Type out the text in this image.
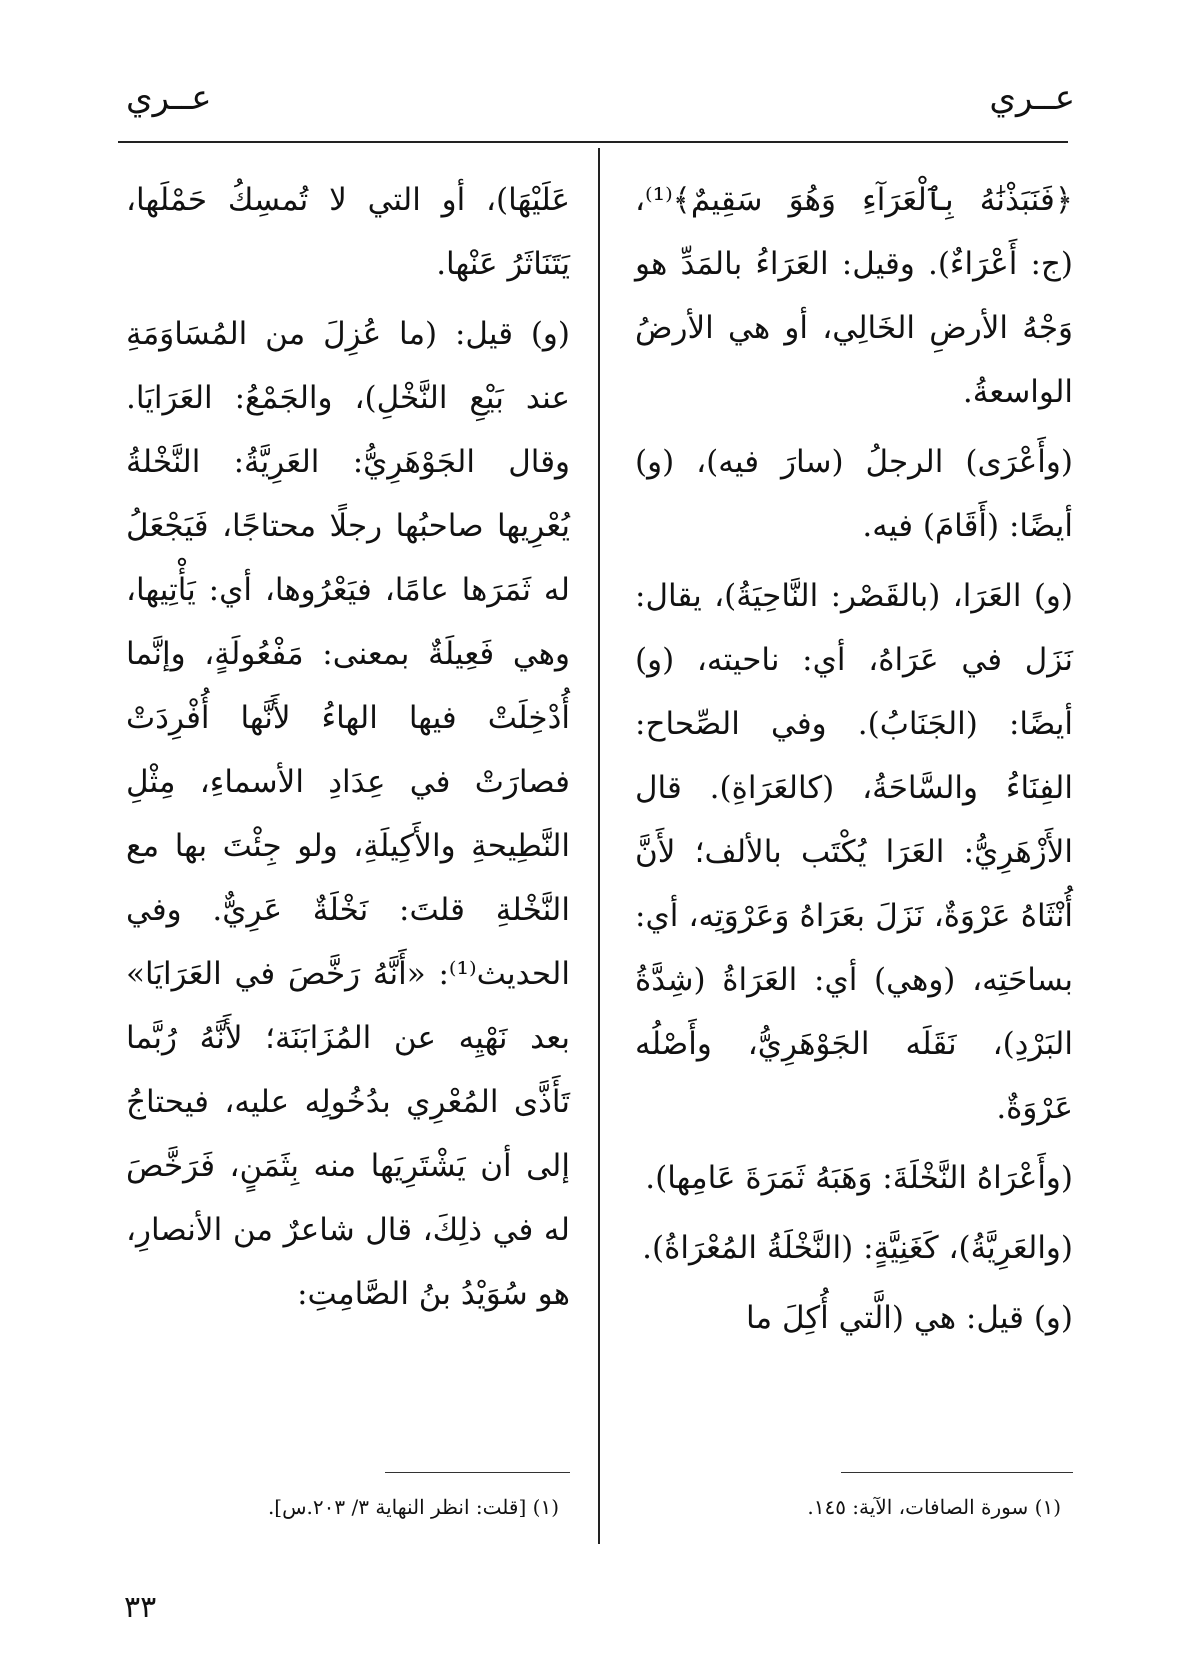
عــري
عــري

﴿فَنَبَذْنَٰهُ بِٱلْعَرَآءِ وَهُوَ سَقِيمٌ﴾⁽¹⁾، (ج: أَعْرَاءٌ). وقيل: العَرَاءُ بالمَدِّ هو وَجْهُ الأرضِ الخَالِي، أو هي الأرضُ الواسعةُ.

(وأَعْرَى) الرجلُ (سارَ فيه)، (و) أيضًا: (أَقَامَ) فيه.

(و) العَرَا، (بالقَصْر: النَّاحِيَةُ)، يقال: نَزَل في عَرَاهُ، أي: ناحيته، (و) أيضًا: (الجَنَابُ). وفي الصِّحاح: الفِنَاءُ والسَّاحَةُ، (كالعَرَاةِ). قال الأَزْهَرِيُّ: العَرَا يُكْتَب بالألف؛ لأَنَّ أُنْثَاهُ عَرْوَةٌ، نَزَلَ بعَرَاهُ وَعَرْوَتِه، أي: بساحَتِه، (وهي) أي: العَرَاةُ (شِدَّةُ البَرْدِ)، نَقَلَه الجَوْهَرِيُّ، وأَصْلُه عَرْوَةٌ.

(وأَعْرَاهُ النَّخْلَةَ: وَهَبَهُ ثَمَرَةَ عَامِها).

(والعَرِيَّةُ)، كَغَنِيَّةٍ: (النَّخْلَةُ المُعْرَاةُ).

(و) قيل: هي (الَّتي أُكِلَ ما

عَلَيْهَا)، أو التي لا تُمسِكُ حَمْلَها، يَتَنَاثَرُ عَنْها.

(و) قيل: (ما عُزِلَ من المُسَاوَمَةِ عند بَيْعِ النَّخْلِ)، والجَمْعُ: العَرَايَا. وقال الجَوْهَرِيُّ: العَرِيَّةُ: النَّخْلةُ يُعْرِيها صاحبُها رجلًا محتاجًا، فَيَجْعَلُ له ثَمَرَها عامًا، فيَعْرُوها، أي: يَأْتِيها، وهي فَعِيلَةٌ بمعنى: مَفْعُولَةٍ، وإنَّما أُدْخِلَتْ فيها الهاءُ لأَنَّها أُفْرِدَتْ فصارَتْ في عِدَادِ الأسماءِ، مِثْلِ النَّطِيحةِ والأَكِيلَةِ، ولو جِئْتَ بها مع النَّخْلةِ قلتَ: نَخْلَةٌ عَرِيٌّ. وفي الحديث⁽¹⁾: «أَنَّهُ رَخَّصَ في العَرَايَا» بعد نَهْيِه عن المُزَابَنَة؛ لأَنَّهُ رُبَّما تَأَذَّى المُعْرِي بدُخُولِه عليه، فيحتاجُ إلى أن يَشْتَرِيَها منه بِثَمَنٍ، فَرَخَّصَ له في ذلِكَ، قال شاعرٌ من الأنصارِ، هو سُوَيْدُ بنُ الصَّامِتِ:

(١) سورة الصافات، الآية: ١٤٥.
(١) [قلت: انظر النهاية ٣/ ٢٠٣.س].
٣٣
